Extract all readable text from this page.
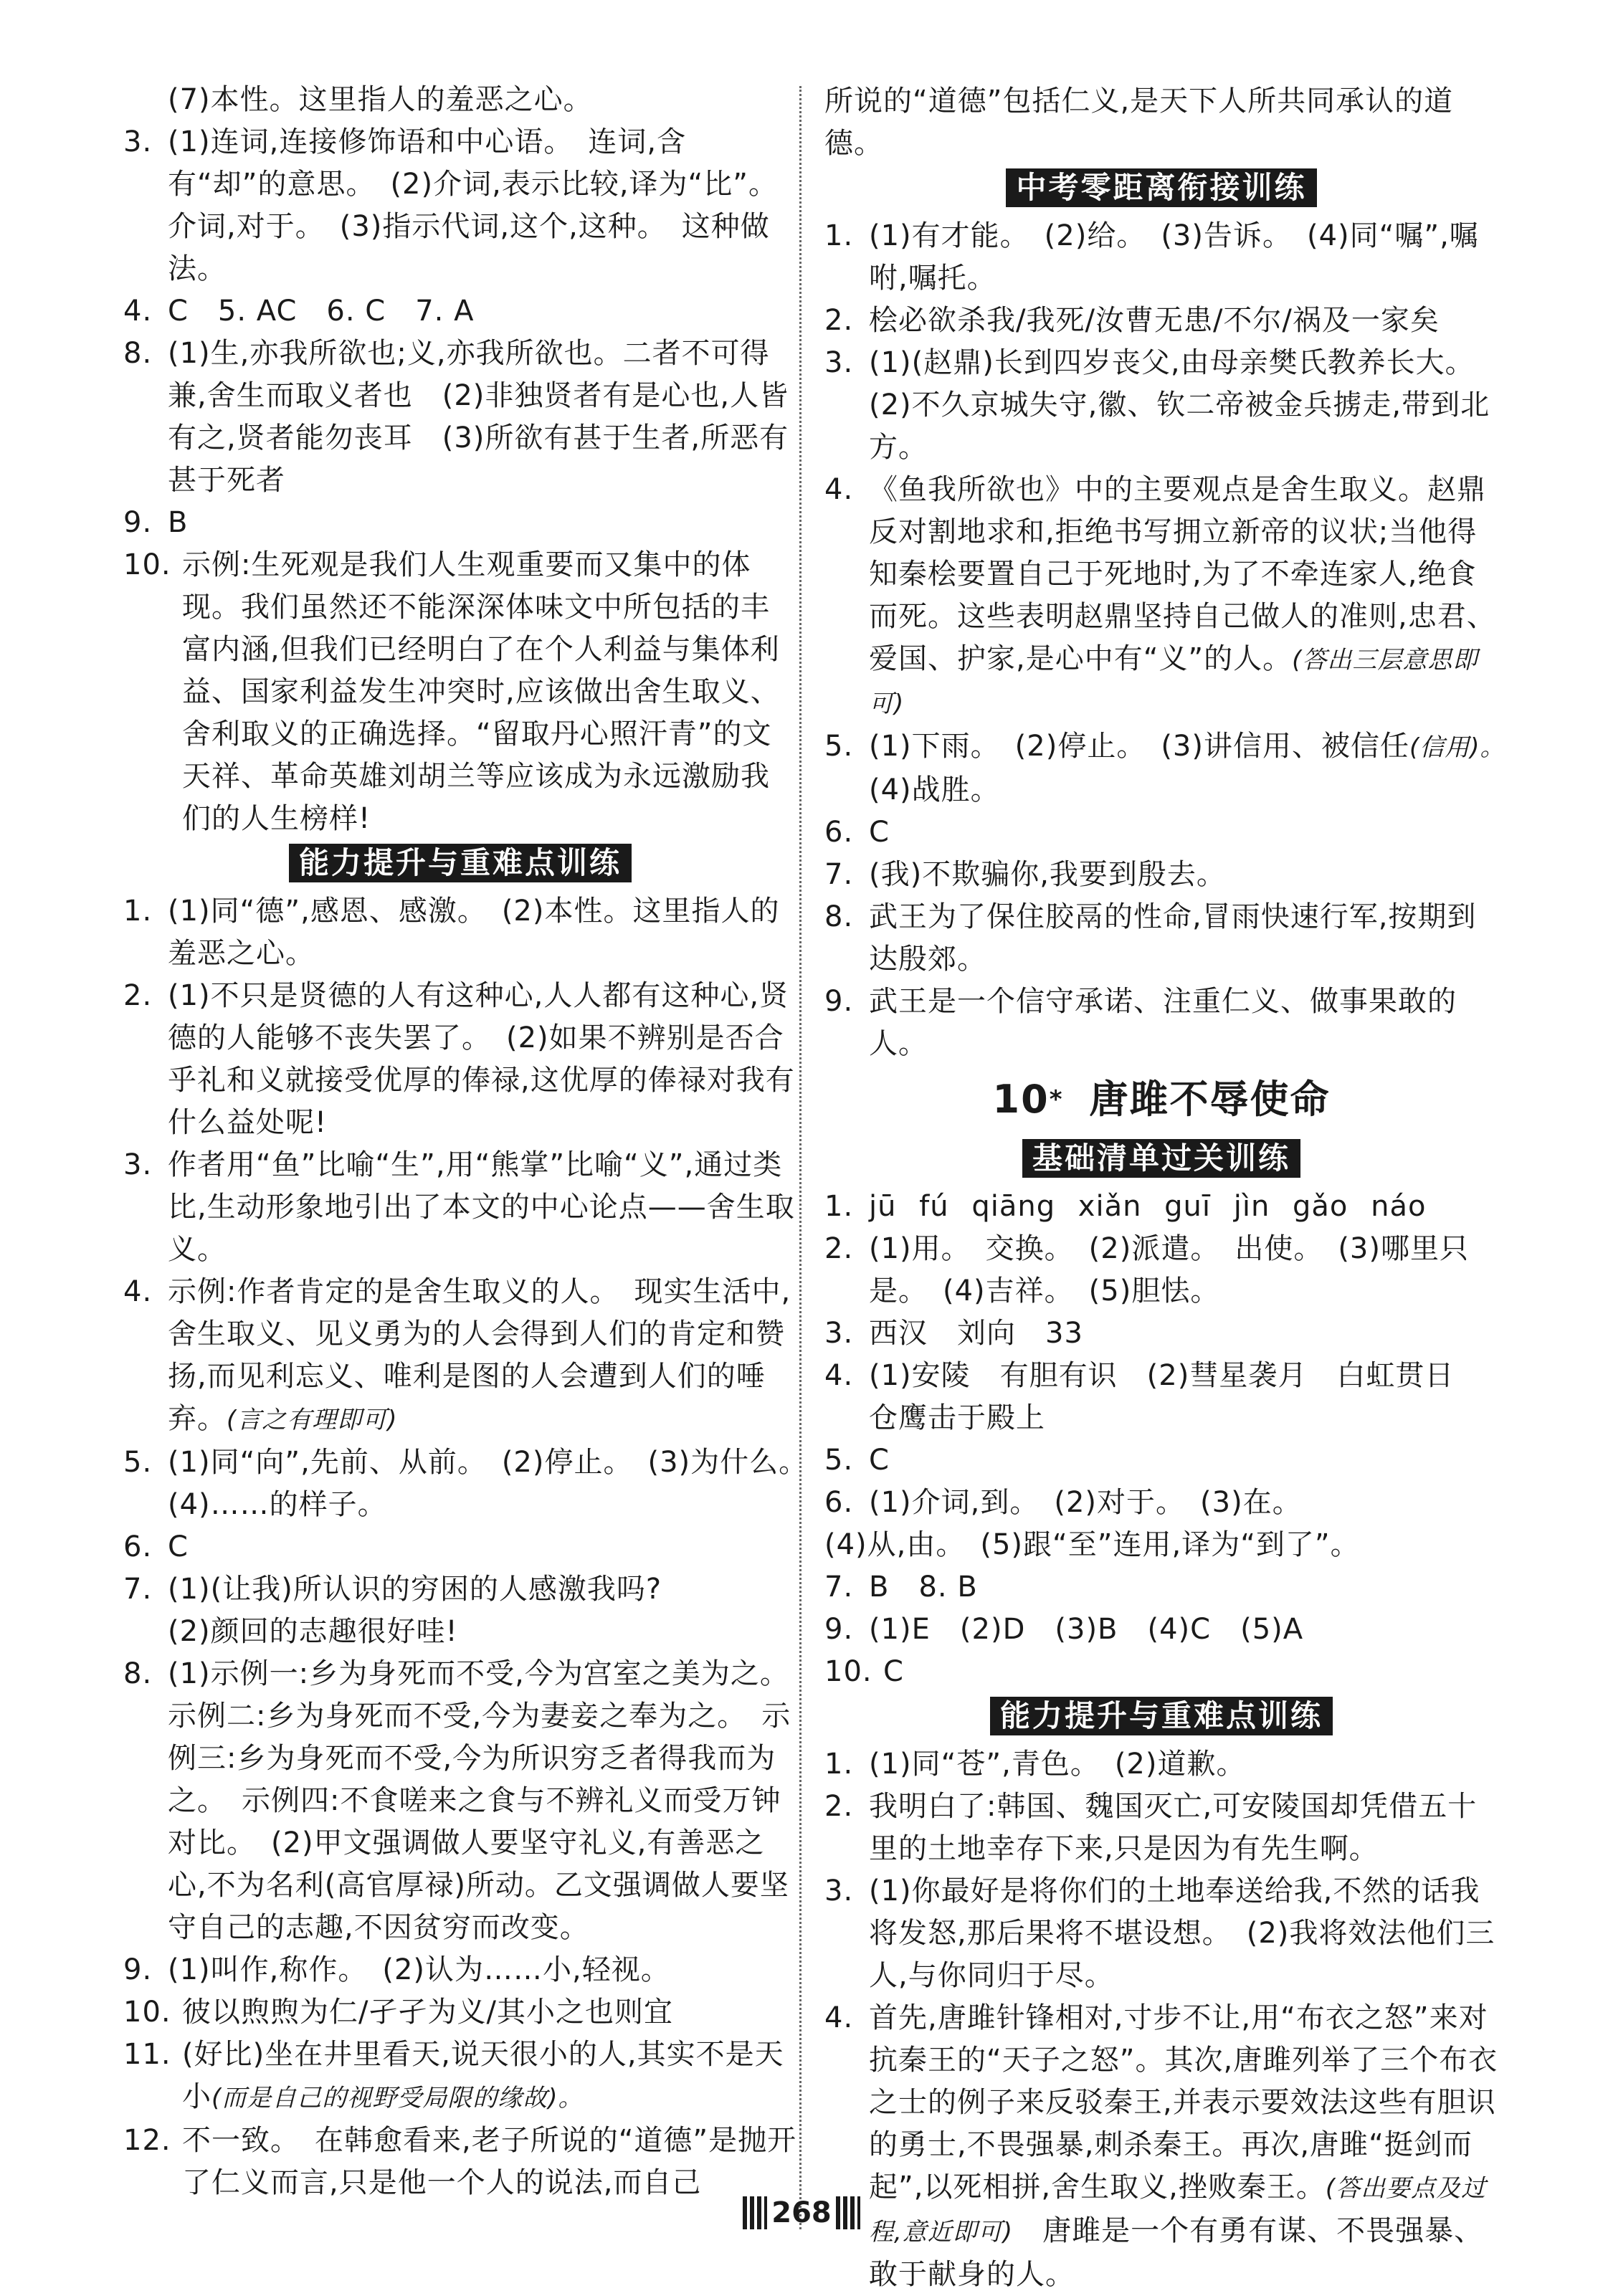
(7)本性。这里指人的羞恶之心。
3. (1)连词,连接修饰语和中心语。　连词,含有“却”的意思。　(2)介词,表示比较,译为“比”。介词,对于。　(3)指示代词,这个,这种。　这种做法。
4. C　5. AC　6. C　7. A
8. (1)生,亦我所欲也;义,亦我所欲也。二者不可得兼,舍生而取义者也　(2)非独贤者有是心也,人皆有之,贤者能勿丧耳　(3)所欲有甚于生者,所恶有甚于死者
9. B
10. 示例:生死观是我们人生观重要而又集中的体现。我们虽然还不能深深体味文中所包括的丰富内涵,但我们已经明白了在个人利益与集体利益、国家利益发生冲突时,应该做出舍生取义、舍利取义的正确选择。“留取丹心照汗青”的文天祥、革命英雄刘胡兰等应该成为永远激励我们的人生榜样!
能力提升与重难点训练
1. (1)同“德”,感恩、感激。　(2)本性。这里指人的羞恶之心。
2. (1)不只是贤德的人有这种心,人人都有这种心,贤德的人能够不丧失罢了。　(2)如果不辨别是否合乎礼和义就接受优厚的俸禄,这优厚的俸禄对我有什么益处呢!
3. 作者用“鱼”比喻“生”,用“熊掌”比喻“义”,通过类比,生动形象地引出了本文的中心论点——舍生取义。
4. 示例:作者肯定的是舍生取义的人。　现实生活中,舍生取义、见义勇为的人会得到人们的肯定和赞扬,而见利忘义、唯利是图的人会遭到人们的唾弃。(言之有理即可)
5. (1)同“向”,先前、从前。　(2)停止。　(3)为什么。　(4)……的样子。
6. C
7. (1)(让我)所认识的穷困的人感激我吗?
(2)颜回的志趣很好哇!
8. (1)示例一:乡为身死而不受,今为宫室之美为之。　示例二:乡为身死而不受,今为妻妾之奉为之。　示例三:乡为身死而不受,今为所识穷乏者得我而为之。　示例四:不食嗟来之食与不辨礼义而受万钟对比。　(2)甲文强调做人要坚守礼义,有善恶之心,不为名利(高官厚禄)所动。乙文强调做人要坚守自己的志趣,不因贫穷而改变。
9. (1)叫作,称作。　(2)认为……小,轻视。
10. 彼以煦煦为仁/孑孑为义/其小之也则宜
11. (好比)坐在井里看天,说天很小的人,其实不是天小(而是自己的视野受局限的缘故)。
12. 不一致。　在韩愈看来,老子所说的“道德”是抛开了仁义而言,只是他一个人的说法,而自己
所说的“道德”包括仁义,是天下人所共同承认的道德。
中考零距离衔接训练
1. (1)有才能。　(2)给。　(3)告诉。　(4)同“嘱”,嘱咐,嘱托。
2. 桧必欲杀我/我死/汝曹无患/不尔/祸及一家矣
3. (1)(赵鼎)长到四岁丧父,由母亲樊氏教养长大。(2)不久京城失守,徽、钦二帝被金兵掳走,带到北方。
4. 《鱼我所欲也》中的主要观点是舍生取义。赵鼎反对割地求和,拒绝书写拥立新帝的议状;当他得知秦桧要置自己于死地时,为了不牵连家人,绝食而死。这些表明赵鼎坚持自己做人的准则,忠君、爱国、护家,是心中有“义”的人。(答出三层意思即可)
5. (1)下雨。　(2)停止。　(3)讲信用、被信任(信用)。　(4)战胜。
6. C
7. (我)不欺骗你,我要到殷去。
8. 武王为了保住胶鬲的性命,冒雨快速行军,按期到达殷郊。
9. 武王是一个信守承诺、注重仁义、做事果敢的人。
10* 唐雎不辱使命
基础清单过关训练
1. jū fú qiāng xiǎn guī jìn gǎo náo
2. (1)用。　交换。　(2)派遣。　出使。　(3)哪里只是。　(4)吉祥。　(5)胆怯。
3. 西汉　刘向　33
4. (1)安陵　有胆有识　(2)彗星袭月　白虹贯日　仓鹰击于殿上
5. C
6. (1)介词,到。　(2)对于。　(3)在。
(4)从,由。　(5)跟“至”连用,译为“到了”。
7. B　8. B
9. (1)E　(2)D　(3)B　(4)C　(5)A
10. C
能力提升与重难点训练
1. (1)同“苍”,青色。　(2)道歉。
2. 我明白了:韩国、魏国灭亡,可安陵国却凭借五十里的土地幸存下来,只是因为有先生啊。
3. (1)你最好是将你们的土地奉送给我,不然的话我将发怒,那后果将不堪设想。　(2)我将效法他们三人,与你同归于尽。
4. 首先,唐雎针锋相对,寸步不让,用“布衣之怒”来对抗秦王的“天子之怒”。其次,唐雎列举了三个布衣之士的例子来反驳秦王,并表示要效法这些有胆识的勇士,不畏强暴,刺杀秦王。再次,唐雎“挺剑而起”,以死相拼,舍生取义,挫败秦王。(答出要点及过程,意近即可)　唐雎是一个有勇有谋、不畏强暴、敢于献身的人。
268
